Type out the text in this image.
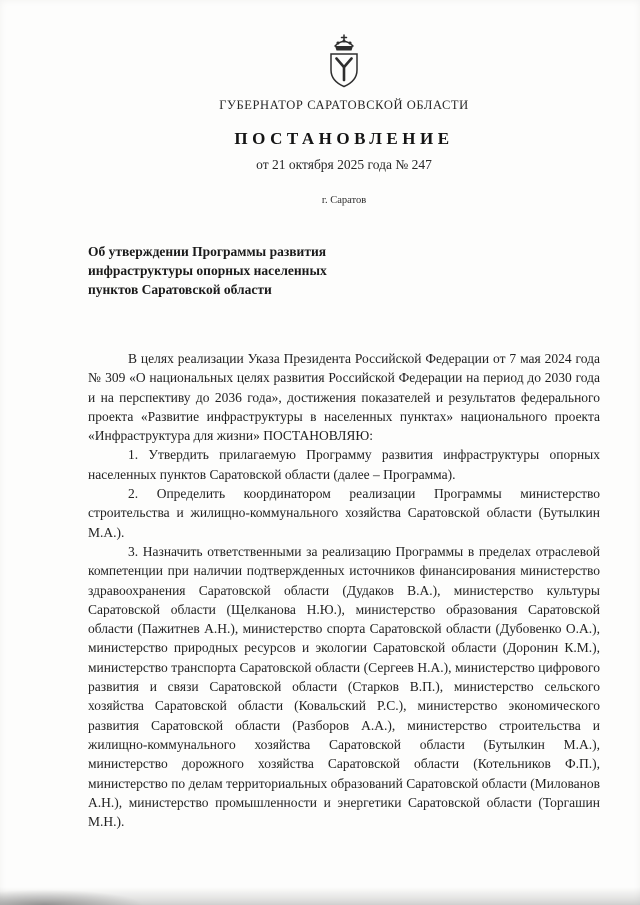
ГУБЕРНАТОР САРАТОВСКОЙ ОБЛАСТИ
ПОСТАНОВЛЕНИЕ
от 21 октября 2025 года № 247
г. Саратов
Об утверждении Программы развития
инфраструктуры опорных населенных
пунктов Саратовской области

В целях реализации Указа Президента Российской Федерации от 7 мая 2024 года № 309 «О национальных целях развития Российской Федерации на период до 2030 года и на перспективу до 2036 года», достижения показателей и результатов федерального проекта «Развитие инфраструктуры в населенных пунктах» национального проекта «Инфраструктура для жизни» ПОСТАНОВЛЯЮ:

1. Утвердить прилагаемую Программу развития инфраструктуры опорных населенных пунктов Саратовской области (далее – Программа).

2. Определить координатором реализации Программы министерство строительства и жилищно-коммунального хозяйства Саратовской области (Бутылкин М.А.).

3. Назначить ответственными за реализацию Программы в пределах отраслевой компетенции при наличии подтвержденных источников финансирования министерство здравоохранения Саратовской области (Дудаков В.А.), министерство культуры Саратовской области (Щелканова Н.Ю.), министерство образования Саратовской области (Пажитнев А.Н.), министерство спорта Саратовской области (Дубовенко О.А.), министерство природных ресурсов и экологии Саратовской области (Доронин К.М.), министерство транспорта Саратовской области (Сергеев Н.А.), министерство цифрового развития и связи Саратовской области (Старков В.П.), министерство сельского хозяйства Саратовской области (Ковальский Р.С.), министерство экономического развития Саратовской области (Разборов А.А.), министерство строительства и жилищно-коммунального хозяйства Саратовской области (Бутылкин М.А.), министерство дорожного хозяйства Саратовской области (Котельников Ф.П.), министерство по делам территориальных образований Саратовской области (Милованов А.Н.), министерство промышленности и энергетики Саратовской области (Торгашин М.Н.).
